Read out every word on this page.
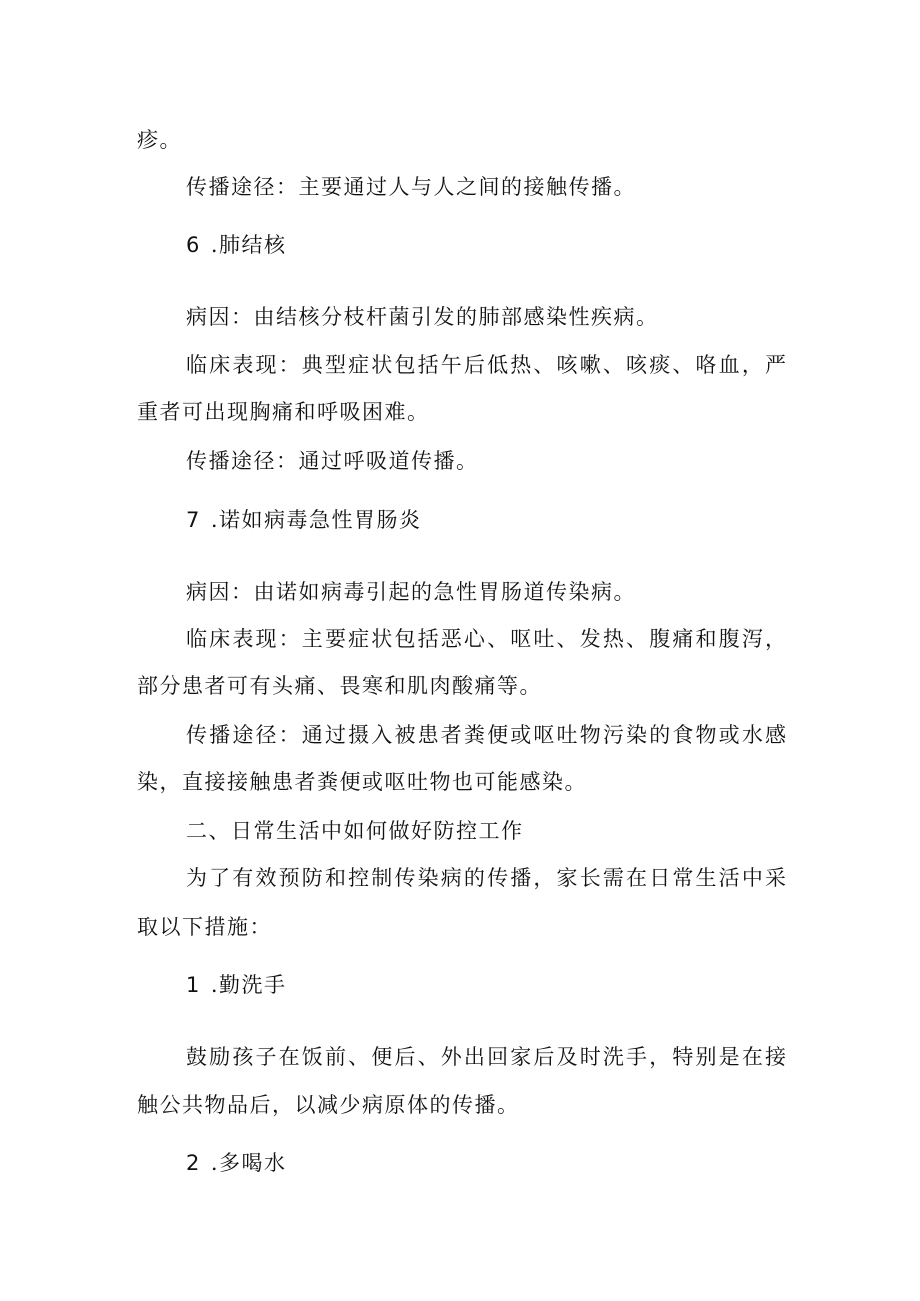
疹。
传播途径：主要通过人与人之间的接触传播。
6 .肺结核
病因：由结核分枝杆菌引发的肺部感染性疾病。
临床表现：典型症状包括午后低热、咳嗽、咳痰、咯血，严
重者可出现胸痛和呼吸困难。
传播途径：通过呼吸道传播。
7 .诺如病毒急性胃肠炎
病因：由诺如病毒引起的急性胃肠道传染病。
临床表现：主要症状包括恶心、呕吐、发热、腹痛和腹泻，
部分患者可有头痛、畏寒和肌肉酸痛等。
传播途径：通过摄入被患者粪便或呕吐物污染的食物或水感
染，直接接触患者粪便或呕吐物也可能感染。
二、日常生活中如何做好防控工作
为了有效预防和控制传染病的传播，家长需在日常生活中采
取以下措施：
1 .勤洗手
鼓励孩子在饭前、便后、外出回家后及时洗手，特别是在接
触公共物品后，以减少病原体的传播。
2 .多喝水
